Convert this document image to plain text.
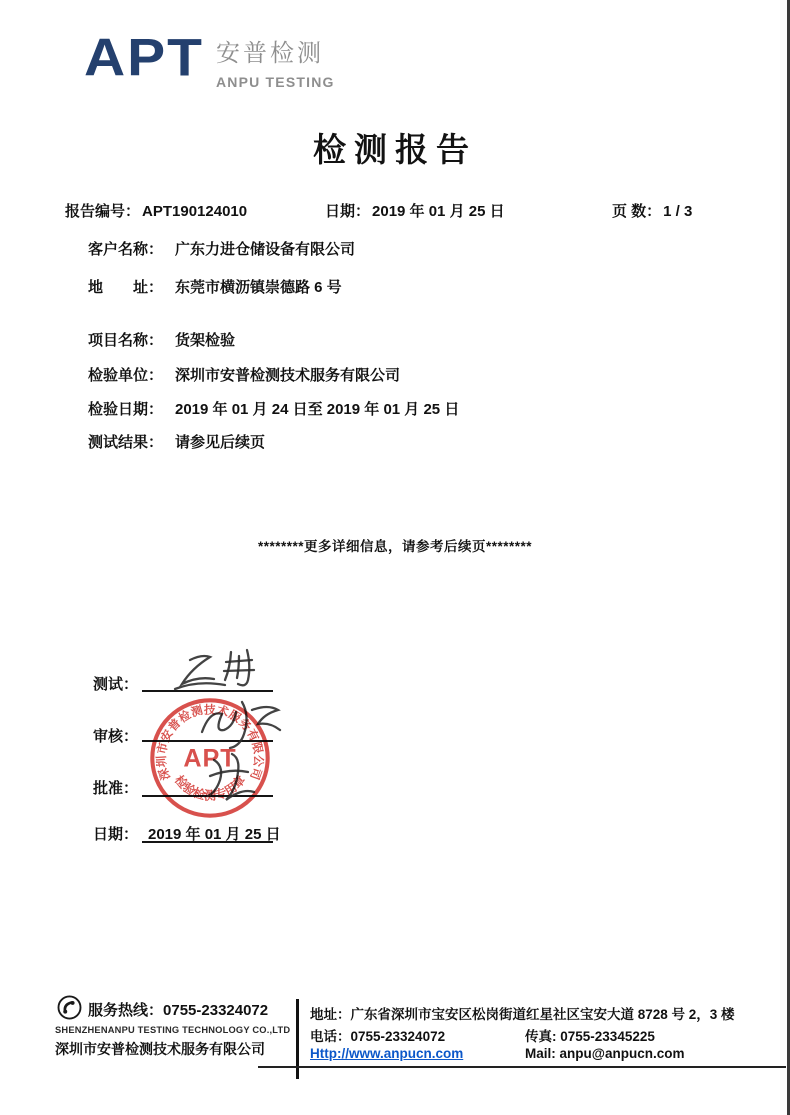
APT 安普检测
ANPU TESTING
检测报告
报告编号： APT190124010	日期： 2019 年 01 月 25 日	页 数： 1 / 3
客户名称： 广东力进仓储设备有限公司
地　　址： 东莞市横沥镇崇德路 6 号
项目名称： 货架检验
检验单位： 深圳市安普检测技术服务有限公司
检验日期： 2019 年 01 月 24 日至 2019 年 01 月 25 日
测试结果： 请参见后续页
********更多详细信息，请参考后续页********
测试：
审核：
批准：
日期： 2019 年 01 月 25 日
深圳市安普检测技术服务有限公司
APT
检验检测专用章
服务热线：0755-23324072
SHENZHENANPU TESTING TECHNOLOGY CO.,LTD
深圳市安普检测技术服务有限公司
地址：广东省深圳市宝安区松岗街道红星社区宝安大道 8728 号 2，3 楼
电话：0755-23324072	传真: 0755-23345225
Http://www.anpucn.com	Mail: anpu@anpucn.com
